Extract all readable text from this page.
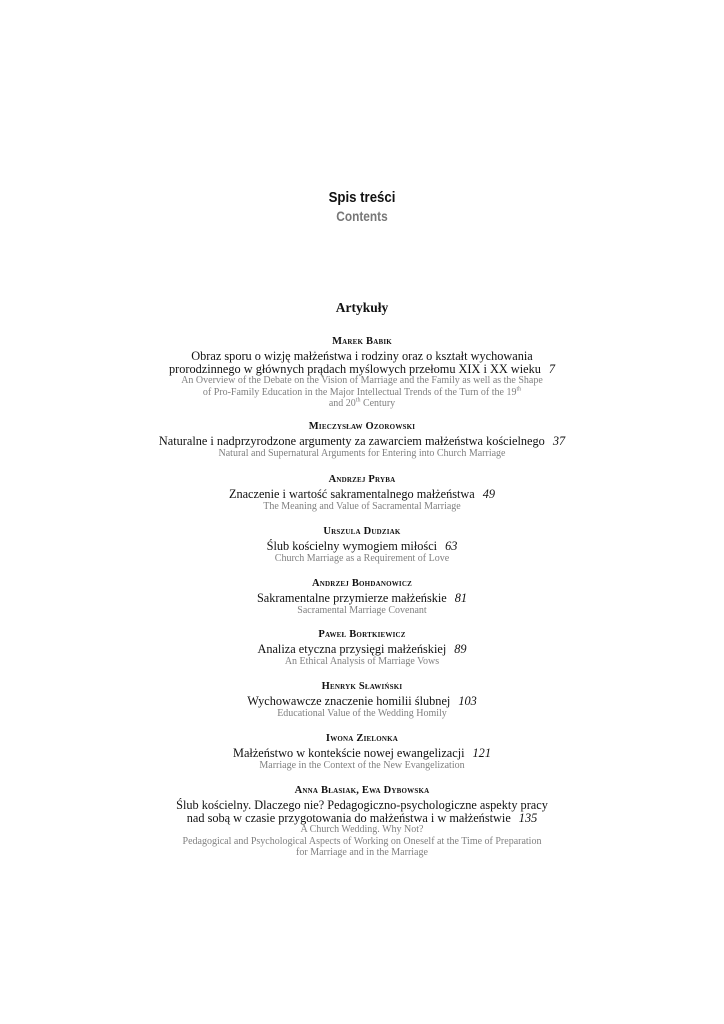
Spis treści
Contents
Artykuły
Marek Babik
Obraz sporu o wizję małżeństwa i rodziny oraz o kształt wychowania
prorodzinnego w głównych prądach myślowych przełomu XIX i XX wieku 7
An Overview of the Debate on the Vision of Marriage and the Family as well as the Shape
of Pro-Family Education in the Major Intellectual Trends of the Turn of the 19th
and 20th Century
Mieczysław Ozorowski
Naturalne i nadprzyrodzone argumenty za zawarciem małżeństwa kościelnego 37
Natural and Supernatural Arguments for Entering into Church Marriage
Andrzej Pryba
Znaczenie i wartość sakramentalnego małżeństwa 49
The Meaning and Value of Sacramental Marriage
Urszula Dudziak
Ślub kościelny wymogiem miłości 63
Church Marriage as a Requirement of Love
Andrzej Bohdanowicz
Sakramentalne przymierze małżeńskie 81
Sacramental Marriage Covenant
Paweł Bortkiewicz
Analiza etyczna przysięgi małżeńskiej 89
An Ethical Analysis of Marriage Vows
Henryk Sławiński
Wychowawcze znaczenie homilii ślubnej 103
Educational Value of the Wedding Homily
Iwona Zielonka
Małżeństwo w kontekście nowej ewangelizacji 121
Marriage in the Context of the New Evangelization
Anna Błasiak, Ewa Dybowska
Ślub kościelny. Dlaczego nie? Pedagogiczno-psychologiczne aspekty pracy
nad sobą w czasie przygotowania do małżeństwa i w małżeństwie 135
A Church Wedding. Why Not?
Pedagogical and Psychological Aspects of Working on Oneself at the Time of Preparation
for Marriage and in the Marriage
